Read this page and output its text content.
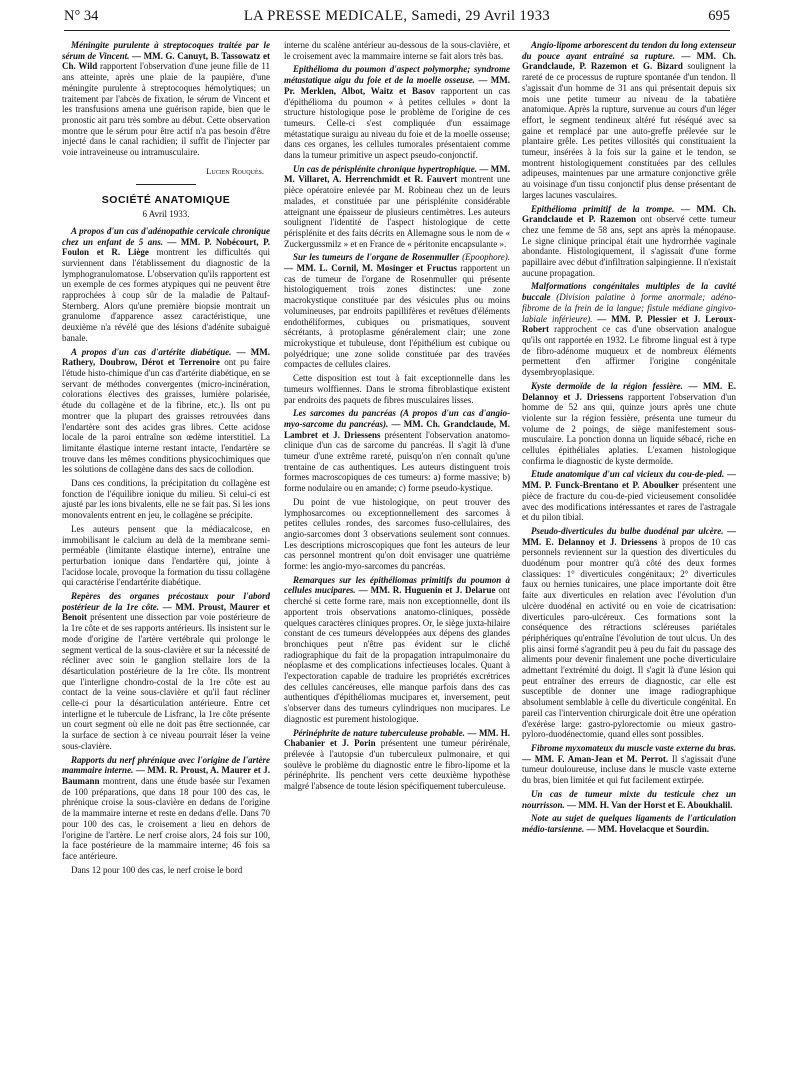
N° 34	LA PRESSE MEDICALE, Samedi, 29 Avril 1933	695

Méningite purulente à streptocoques traitée par le sérum de Vincent. — MM. G. Canuyt, B. Tassowatz et Ch. Wild rapportent l'observation d'une jeune fille de 11 ans atteinte, après une plaie de la paupière, d'une méningite purulente à streptocoques hémolytiques; un traitement par l'abcès de fixation, le sérum de Vincent et les transfusions amena une guérison rapide, bien que le pronostic ait paru très sombre au début. Cette observation montre que le sérum pour être actif n'a pas besoin d'être injecté dans le canal rachidien; il suffit de l'injecter par voie intraveineuse ou intramusculaire.

Lucien Rouquès.
SOCIÉTÉ ANATOMIQUE
6 Avril 1933.

A propos d'un cas d'adénopathie cervicale chronique chez un enfant de 5 ans. — MM. P. Nobécourt, P. Foulon et R. Liège montrent les difficultés qui surviennent dans l'établissement du diagnostic de la lymphogranulomatose. L'observation qu'ils rapportent est un exemple de ces formes atypiques qui ne peuvent être rapprochées à coup sûr de la maladie de Paltauf-Sternberg. Alors qu'une première biopsie montrait un granulome d'apparence assez caractéristique, une deuxième n'a révélé que des lésions d'adénite subaiguë banale.

A propos d'un cas d'artérite diabétique. — MM. Rathery, Doubrow, Dérot et Terrenoire ont pu faire l'étude histo-chimique d'un cas d'artérite diabétique, en se servant de méthodes convergentes (micro-incinération, colorations électives des graisses, lumière polarisée, étude du collagène et de la fibrine, etc.). Ils ont pu montrer que la plupart des graisses retrouvées dans l'endartère sont des acides gras libres. Cette acidose locale de la paroi entraîne son œdème interstitiel. La limitante élastique interne restant intacte, l'endartère se trouve dans les mêmes conditions physicochimiques que les solutions de collagène dans des sacs de collodion.

Dans ces conditions, la précipitation du collagène est fonction de l'équilibre ionique du milieu. Si celui-ci est ajusté par les ions bivalents, elle ne se fait pas. Si les ions monovalents entrent en jeu, le collagène se précipite.

Les auteurs pensent que la médiacalcose, en immobilisant le calcium au delà de la membrane semi-perméable (limitante élastique interne), entraîne une perturbation ionique dans l'endartère qui, jointe à l'acidose locale, provoque la formation du tissu collagène qui caractérise l'endartérite diabétique.

Repères des organes précostaux pour l'abord postérieur de la 1re côte. — MM. Proust, Maurer et Benoit présentent une dissection par voie postérieure de la 1re côte et de ses rapports antérieurs. Ils insistent sur le mode d'origine de l'artère vertébrale qui prolonge le segment vertical de la sous-clavière et sur la nécessité de récliner avec soin le ganglion stellaire lors de la désarticulation postérieure de la 1re côte. Ils montrent que l'interligne chondro-costal de la 1re côte est au contact de la veine sous-clavière et qu'il faut récliner celle-ci pour la désarticulation antérieure. Entre cet interligne et le tubercule de Lisfranc, la 1re côte présente un court segment où elle ne doit pas être sectionnée, car la surface de section à ce niveau pourrait léser la veine sous-clavière.

Rapports du nerf phrénique avec l'origine de l'artère mammaire interne. — MM. R. Proust, A. Maurer et J. Baumann montrent, dans une étude basée sur l'examen de 100 préparations, que dans 18 pour 100 des cas, le phrénique croise la sous-clavière en dedans de l'origine de la mammaire interne et reste en dedans d'elle. Dans 70 pour 100 des cas, le croisement a lieu en dehors de l'origine de l'artère. Le nerf croise alors, 24 fois sur 100, la face postérieure de la mammaire interne; 46 fois sa face antérieure.

Dans 12 pour 100 des cas, le nerf croise le bord

interne du scalène antérieur au-dessous de la sous-clavière, et le croisement avec la mammaire interne se fait alors très bas.

Epithélioma du poumon d'aspect polymorphe; syndrome métastatique aigu du foie et de la moelle osseuse. — MM. Pr. Merklen, Albot, Waitz et Basov rapportent un cas d'épithélioma du poumon « à petites cellules » dont la structure histologique pose le problème de l'origine de ces tumeurs. Celle-ci s'est compliquée d'un essaimage métastatique suraigu au niveau du foie et de la moelle osseuse; dans ces organes, les cellules tumorales présentaient comme dans la tumeur primitive un aspect pseudo-conjonctif.

Un cas de périsplénite chronique hypertrophique. — MM. M. Villaret, A. Herrenchmidt et R. Fauvert montrent une pièce opératoire enlevée par M. Robineau chez un de leurs malades, et constituée par une périsplénite considérable atteignant une épaisseur de plusieurs centimètres. Les auteurs soulignent l'identité de l'aspect histologique de cette périsplénite et des faits décrits en Allemagne sous le nom de « Zuckergussmilz » et en France de « péritonite encapsulante ».

Sur les tumeurs de l'organe de Rosenmuller (Epoophore). — MM. L. Cornil, M. Mosinger et Fructus rapportent un cas de tumeur de l'organe de Rosenmuller qui présente histologiquement trois zones distinctes: une zone macrokystique constituée par des vésicules plus ou moins volumineuses, par endroits papillifères et revêtues d'éléments endothéliformes, cubiques ou prismatiques, souvent sécrétants, à protoplasme généralement clair; une zone microkystique et tubuleuse, dont l'épithélium est cubique ou polyédrique; une zone solide constituée par des travées compactes de cellules claires.

Cette disposition est tout à fait exceptionnelle dans les tumeurs wolffiennes. Dans le stroma fibroblastique existent par endroits des paquets de fibres musculaires lisses.

Les sarcomes du pancréas (A propos d'un cas d'angio-myo-sarcome du pancréas). — MM. Ch. Grandclaude, M. Lambret et J. Driessens présentent l'observation anatomo-clinique d'un cas de sarcome du pancréas. Il s'agit là d'une tumeur d'une extrême rareté, puisqu'on n'en connaît qu'une trentaine de cas authentiques. Les auteurs distinguent trois formes macroscopiques de ces tumeurs: a) forme massive; b) forme nodulaire ou en amande; c) forme pseudo-kystique.

Du point de vue histologique, on peut trouver des lymphosarcomes ou exceptionnellement des sarcomes à petites cellules rondes, des sarcomes fuso-cellulaires, des angio-sarcomes dont 3 observations seulement sont connues. Les descriptions microscopiques que font les auteurs de leur cas personnel montrent qu'on doit envisager une quatrième forme: les angio-myo-sarcomes du pancréas.

Remarques sur les épithéliomas primitifs du poumon à cellules mucipares. — MM. R. Huguenin et J. Delarue ont cherché si cette forme rare, mais non exceptionnelle, dont ils apportent trois observations anatomo-cliniques, possède quelques caractères cliniques propres. Or, le siège juxta-hilaire constant de ces tumeurs développées aux dépens des glandes bronchiques peut n'être pas évident sur le cliché radiographique du fait de la propagation intrapulmonaire du néoplasme et des complications infectieuses locales. Quant à l'expectoration capable de traduire les propriétés excrétrices des cellules cancéreuses, elle manque parfois dans des cas authentiques d'épithéliomas mucipares et, inversement, peut s'observer dans des tumeurs cylindriques non mucipares. Le diagnostic est purement histologique.

Périnéphrite de nature tuberculeuse probable. — MM. H. Chabanier et J. Porin présentent une tumeur périrénale, prélevée à l'autopsie d'un tuberculeux pulmonaire, et qui soulève le problème du diagnostic entre le fibro-lipome et la périnéphrite. Ils penchent vers cette deuxième hypothèse malgré l'absence de toute lésion spécifiquement tuberculeuse.

Angio-lipome arborescent du tendon du long extenseur du pouce ayant entraîné sa rupture. — MM. Ch. Grandclaude, P. Razemon et G. Bizard soulignent la rareté de ce processus de rupture spontanée d'un tendon. Il s'agissait d'un homme de 31 ans qui présentait depuis six mois une petite tumeur au niveau de la tabatière anatomique. Après la rupture, survenue au cours d'un léger effort, le segment tendineux altéré fut réséqué avec sa gaine et remplacé par une auto-greffe prélevée sur le plantaire grêle. Les petites villosités qui constituaient la tumeur, insérées à la fois sur la gaine et le tendon, se montrent histologiquement constituées par des cellules adipeuses, maintenues par une armature conjonctive grêle au voisinage d'un tissu conjonctif plus dense présentant de larges lacunes vasculaires.

Epithélioma primitif de la trompe. — MM. Ch. Grandclaude et P. Razemon ont observé cette tumeur chez une femme de 58 ans, sept ans après la ménopause. Le signe clinique principal était une hydrorrhée vaginale abondante. Histologiquement, il s'agissait d'une forme papillaire avec début d'infiltration salpingienne. Il n'existait aucune propagation.

Malformations congénitales multiples de la cavité buccale (Division palatine à forme anormale; adéno-fibrome de la frein de la langue; fistule médiane gingivo-labiale inférieure). — MM. P. Plessier et J. Leroux-Robert rapprochent ce cas d'une observation analogue qu'ils ont rapportée en 1932. Le fibrome lingual est à type de fibro-adénome muqueux et de nombreux éléments permettent d'en affirmer l'origine congénitale dysembryoplasique.

Kyste dermoïde de la région fessière. — MM. E. Delannoy et J. Driessens rapportent l'observation d'un homme de 52 ans qui, quinze jours après une chute violente sur la région fessière, présenta une tumeur du volume de 2 poings, de siège manifestement sous-musculaire. La ponction donna un liquide sébacé, riche en cellules épithéliales aplaties. L'examen histologique confirma le diagnostic de kyste dermoïde.

Etude anatomique d'un cal vicieux du cou-de-pied. — MM. P. Funck-Brentano et P. Aboulker présentent une pièce de fracture du cou-de-pied vicieusement consolidée avec des modifications intéressantes et rares de l'astragale et du pilon tibial.

Pseudo-diverticules du bulbe duodénal par ulcère. — MM. E. Delannoy et J. Driessens à propos de 10 cas personnels reviennent sur la question des diverticules du duodénum pour montrer qu'à côté des deux formes classiques: 1° diverticules congénitaux; 2° diverticules faux ou hernies tunicaires, une place importante doit être faite aux diverticules en relation avec l'évolution d'un ulcère duodénal en activité ou en voie de cicatrisation: diverticules paro-ulcéreux. Ces formations sont la conséquence des rétractions scléreuses pariétales périphériques qu'entraîne l'évolution de tout ulcus. Un des plis ainsi formé s'agrandit peu à peu du fait du passage des aliments pour devenir finalement une poche diverticulaire admettant l'extrémité du doigt. Il s'agit là d'une lésion qui peut entraîner des erreurs de diagnostic, car elle est susceptible de donner une image radiographique absolument semblable à celle du diverticule congénital. En pareil cas l'intervention chirurgicale doit être une opération d'exérèse large: gastro-pylorectomie ou mieux gastro-pyloro-duodénectomie, quand elles sont possibles.

Fibrome myxomateux du muscle vaste externe du bras. — MM. F. Aman-Jean et M. Perrot. Il s'agissait d'une tumeur douloureuse, incluse dans le muscle vaste externe du bras, bien limitée et qui fut facilement extirpée.

Un cas de tumeur mixte du testicule chez un nourrisson. — MM. H. Van der Horst et E. Aboukhalil.

Note au sujet de quelques ligaments de l'articulation médio-tarsienne. — MM. Hovelacque et Sourdin.
